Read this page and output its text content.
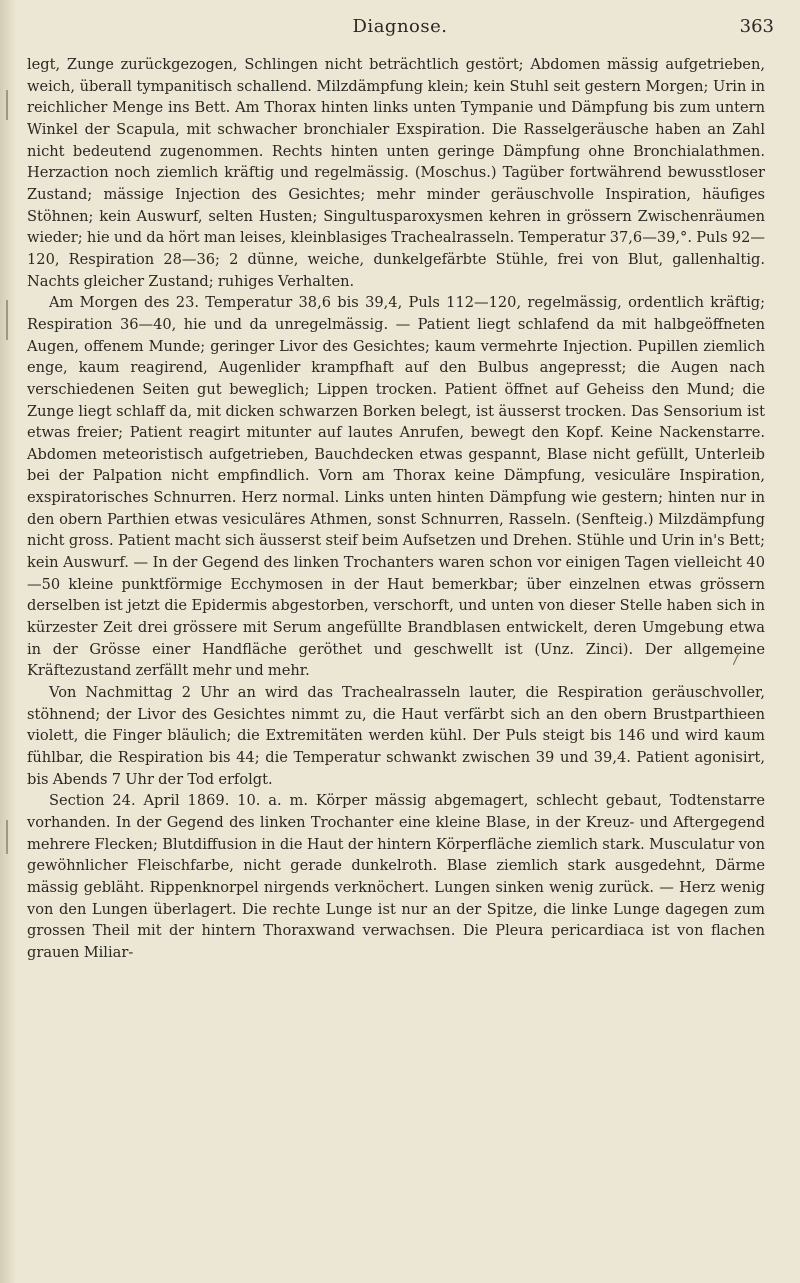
Diagnose.	363

legt, Zunge zurückgezogen, Schlingen nicht beträchtlich gestört; Abdomen mässig aufgetrieben, weich, überall tympanitisch schallend. Milzdämpfung klein; kein Stuhl seit gestern Morgen; Urin in reichlicher Menge ins Bett. Am Thorax hinten links unten Tympanie und Dämpfung bis zum untern Winkel der Scapula, mit schwacher bronchialer Exspiration. Die Rasselgeräusche haben an Zahl nicht bedeutend zugenommen. Rechts hinten unten geringe Dämpfung ohne Bronchialathmen. Herzaction noch ziemlich kräftig und regelmässig. (Moschus.) Tagüber fortwährend bewusstloser Zustand; mässige Injection des Gesichtes; mehr minder geräuschvolle Inspiration, häufiges Stöhnen; kein Auswurf, selten Husten; Singultusparoxysmen kehren in grössern Zwischenräumen wieder; hie und da hört man leises, kleinblasiges Trachealrasseln. Temperatur 37,6—39,°. Puls 92—120, Respiration 28—36; 2 dünne, weiche, dunkelgefärbte Stühle, frei von Blut, gallenhaltig. Nachts gleicher Zustand; ruhiges Verhalten.

Am Morgen des 23. Temperatur 38,6 bis 39,4, Puls 112—120, regelmässig, ordentlich kräftig; Respiration 36—40, hie und da unregelmässig. — Patient liegt schlafend da mit halbgeöffneten Augen, offenem Munde; geringer Livor des Gesichtes; kaum vermehrte Injection. Pupillen ziemlich enge, kaum reagirend, Augenlider krampfhaft auf den Bulbus angepresst; die Augen nach verschiedenen Seiten gut beweglich; Lippen trocken. Patient öffnet auf Geheiss den Mund; die Zunge liegt schlaff da, mit dicken schwarzen Borken belegt, ist äusserst trocken. Das Sensorium ist etwas freier; Patient reagirt mitunter auf lautes Anrufen, bewegt den Kopf. Keine Nackenstarre. Abdomen meteoristisch aufgetrieben, Bauchdecken etwas gespannt, Blase nicht gefüllt, Unterleib bei der Palpation nicht empfindlich. Vorn am Thorax keine Dämpfung, vesiculäre Inspiration, exspiratorisches Schnurren. Herz normal. Links unten hinten Dämpfung wie gestern; hinten nur in den obern Parthien etwas vesiculäres Athmen, sonst Schnurren, Rasseln. (Senfteig.) Milzdämpfung nicht gross. Patient macht sich äusserst steif beim Aufsetzen und Drehen. Stühle und Urin in's Bett; kein Auswurf. — In der Gegend des linken Trochanters waren schon vor einigen Tagen vielleicht 40—50 kleine punktförmige Ecchymosen in der Haut bemerkbar; über einzelnen etwas grössern derselben ist jetzt die Epidermis abgestorben, verschorft, und unten von dieser Stelle haben sich in kürzester Zeit drei grössere mit Serum angefüllte Brandblasen entwickelt, deren Umgebung etwa in der Grösse einer Handfläche geröthet und geschwellt ist (Unz. Zinci). Der allgemeine Kräftezustand zerfällt mehr und mehr.

Von Nachmittag 2 Uhr an wird das Trachealrasseln lauter, die Respiration geräuschvoller, stöhnend; der Livor des Gesichtes nimmt zu, die Haut verfärbt sich an den obern Brustparthieen violett, die Finger bläulich; die Extremitäten werden kühl. Der Puls steigt bis 146 und wird kaum fühlbar, die Respiration bis 44; die Temperatur schwankt zwischen 39 und 39,4. Patient agonisirt, bis Abends 7 Uhr der Tod erfolgt.

Section 24. April 1869. 10. a. m. Körper mässig abgemagert, schlecht gebaut, Todtenstarre vorhanden. In der Gegend des linken Trochanter eine kleine Blase, in der Kreuz- und Aftergegend mehrere Flecken; Blutdiffusion in die Haut der hintern Körperfläche ziemlich stark. Musculatur von gewöhnlicher Fleischfarbe, nicht gerade dunkelroth. Blase ziemlich stark ausgedehnt, Därme mässig gebläht. Rippenknorpel nirgends verknöchert. Lungen sinken wenig zurück. — Herz wenig von den Lungen überlagert. Die rechte Lunge ist nur an der Spitze, die linke Lunge dagegen zum grossen Theil mit der hintern Thoraxwand verwachsen. Die Pleura pericardiaca ist von flachen grauen Miliar-
